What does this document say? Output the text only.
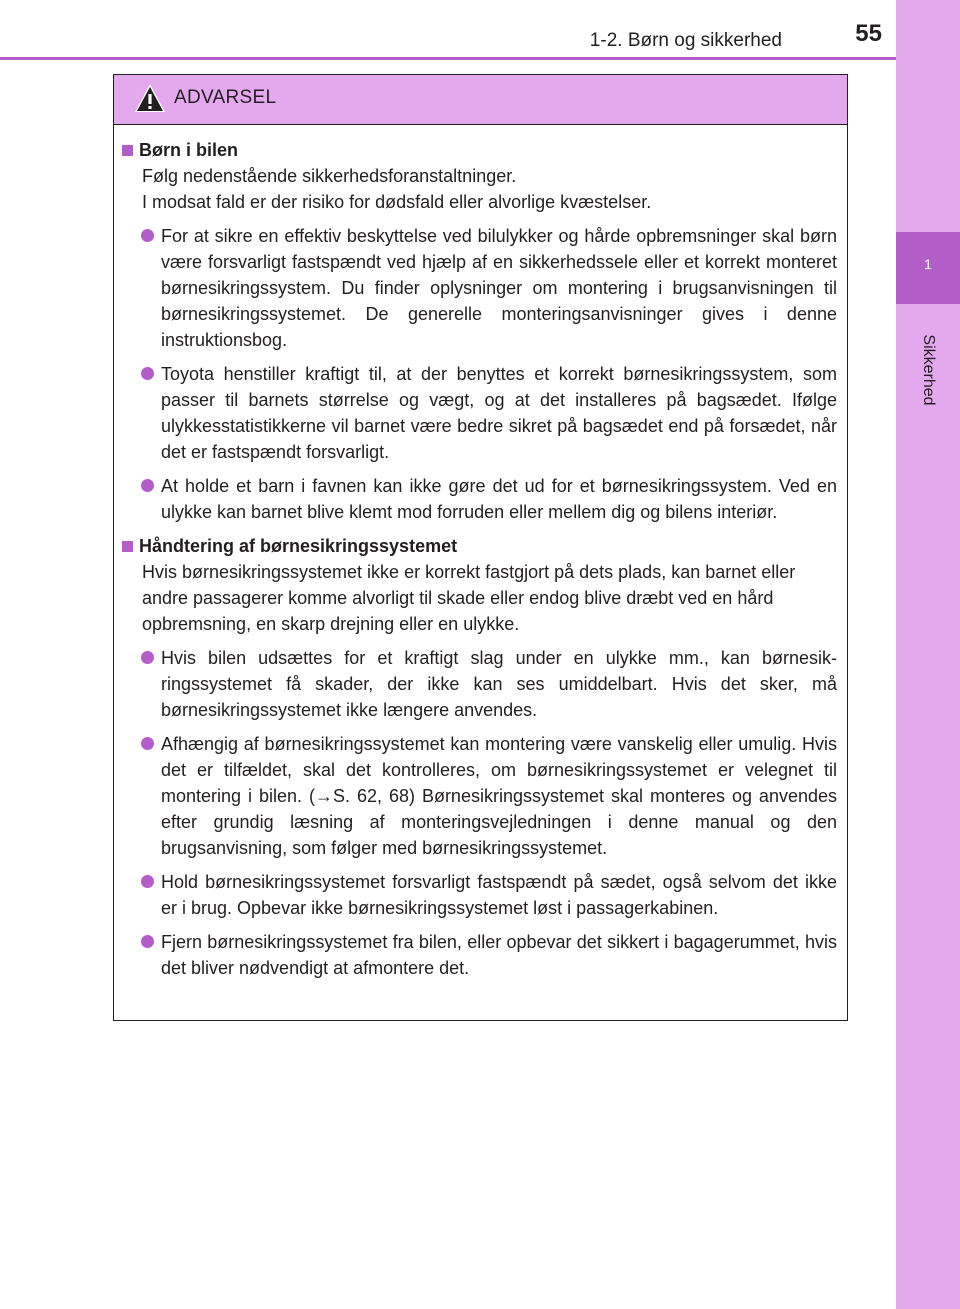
1
Sikkerhed
1-2. Børn og sikkerhed	55
ADVARSEL
Børn i bilen
Følg nedenstående sikkerhedsforanstaltninger.
I modsat fald er der risiko for dødsfald eller alvorlige kvæstelser.
For at sikre en effektiv beskyttelse ved bilulykker og hårde opbremsninger skal børn være forsvarligt fastspændt ved hjælp af en sikkerhedssele eller et korrekt monteret børnesikringssystem. Du finder oplysninger om montering i brugsanvisningen til børnesikringssystemet. De generelle monteringsanvisninger gives i denne instruktionsbog.
Toyota henstiller kraftigt til, at der benyttes et korrekt børnesikringssystem, som passer til barnets størrelse og vægt, og at det installeres på bagsædet. Ifølge ulykkesstatistikkerne vil barnet være bedre sikret på bagsædet end på forsædet, når det er fastspændt forsvarligt.
At holde et barn i favnen kan ikke gøre det ud for et børnesikringssystem. Ved en ulykke kan barnet blive klemt mod forruden eller mellem dig og bilens interiør.
Håndtering af børnesikringssystemet
Hvis børnesikringssystemet ikke er korrekt fastgjort på dets plads, kan barnet eller andre passagerer komme alvorligt til skade eller endog blive dræbt ved en hård opbremsning, en skarp drejning eller en ulykke.
Hvis bilen udsættes for et kraftigt slag under en ulykke mm., kan børnesikringssystemet få skader, der ikke kan ses umiddelbart. Hvis det sker, må børnesikringssystemet ikke længere anvendes.
Afhængig af børnesikringssystemet kan montering være vanskelig eller umulig. Hvis det er tilfældet, skal det kontrolleres, om børnesikringssystemet er velegnet til montering i bilen. (→S. 62, 68) Børnesikringssystemet skal monteres og anvendes efter grundig læsning af monteringsvejledningen i denne manual og den brugsanvisning, som følger med børnesikringssystemet.
Hold børnesikringssystemet forsvarligt fastspændt på sædet, også selvom det ikke er i brug. Opbevar ikke børnesikringssystemet løst i passagerkabinen.
Fjern børnesikringssystemet fra bilen, eller opbevar det sikkert i bagagerummet, hvis det bliver nødvendigt at afmontere det.
